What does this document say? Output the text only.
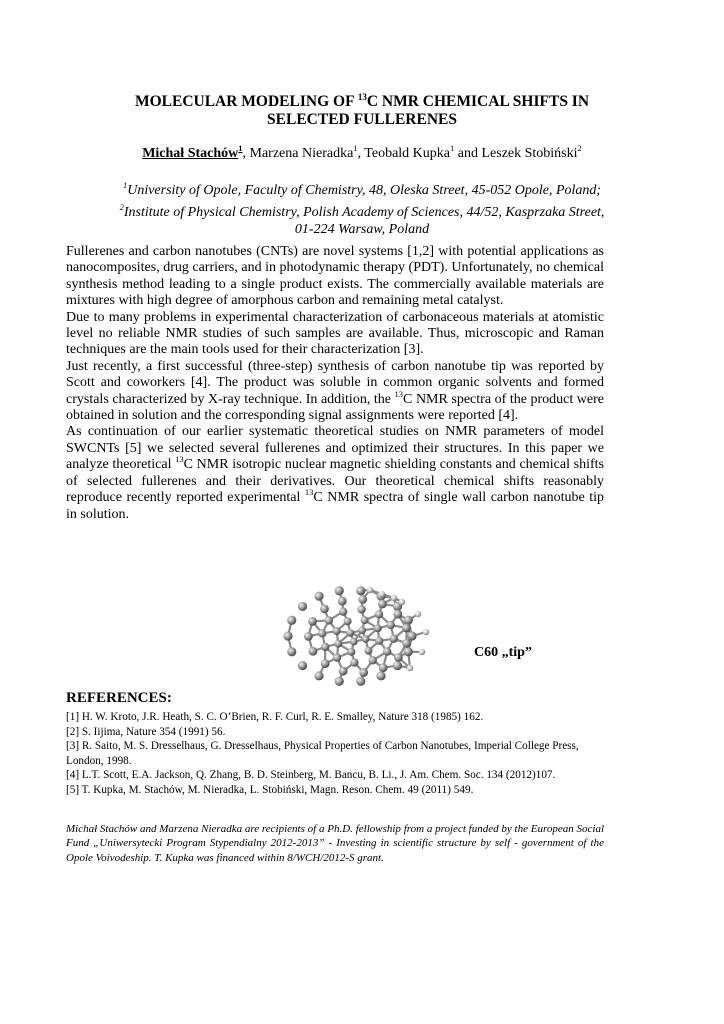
MOLECULAR MODELING OF $^{13}$C NMR CHEMICAL SHIFTS IN
SELECTED FULLERENES
Michał Stachów$^1$, Marzena Nieradka$^1$, Teobald Kupka$^1$ and Leszek Stobiński$^2$
$^1$University of Opole, Faculty of Chemistry, 48, Oleska Street, 45-052 Opole, Poland;
$^2$Institute of Physical Chemistry, Polish Academy of Sciences, 44/52, Kasprzaka Street,
01-224 Warsaw, Poland

Fullerenes and carbon nanotubes (CNTs) are novel systems [1,2] with potential applications as nanocomposites, drug carriers, and in photodynamic therapy (PDT). Unfortunately, no chemical synthesis method leading to a single product exists. The commercially available materials are mixtures with high degree of amorphous carbon and remaining metal catalyst.

Due to many problems in experimental characterization of carbonaceous materials at atomistic level no reliable NMR studies of such samples are available. Thus, microscopic and Raman techniques are the main tools used for their characterization [3].

Just recently, a first successful (three-step) synthesis of carbon nanotube tip was reported by Scott and coworkers [4]. The product was soluble in common organic solvents and formed crystals characterized by X-ray technique. In addition, the $^{13}$C NMR spectra of the product were obtained in solution and the corresponding signal assignments were reported [4].

As continuation of our earlier systematic theoretical studies on NMR parameters of model SWCNTs [5] we selected several fullerenes and optimized their structures. In this paper we analyze theoretical $^{13}$C NMR isotropic nuclear magnetic shielding constants and chemical shifts of selected fullerenes and their derivatives. Our theoretical chemical shifts reasonably reproduce recently reported experimental $^{13}$C NMR spectra of single wall carbon nanotube tip in solution.

C60 „tip”
REFERENCES:

[1] H. W. Kroto, J.R. Heath, S. C. O’Brien, R. F. Curl, R. E. Smalley, Nature 318 (1985) 162.

[2] S. Iijima, Nature 354 (1991) 56.

[3] R. Saito, M. S. Dresselhaus, G. Dresselhaus, Physical Properties of Carbon Nanotubes, Imperial College Press, London, 1998.

[4] L.T. Scott, E.A. Jackson, Q. Zhang, B. D. Steinberg, M. Bancu, B. Li., J. Am. Chem. Soc. 134 (2012)107.

[5] T. Kupka, M. Stachów, M. Nieradka, L. Stobiński, Magn. Reson. Chem. 49 (2011) 549.

Michał Stachów and Marzena Nieradka are recipients of a Ph.D. fellowship from a project funded by the European Social Fund „Uniwersytecki Program Stypendialny 2012-2013” - Investing in scientific structure by self - government of the Opole Voivodeship. T. Kupka was financed within 8/WCH/2012-S grant.
